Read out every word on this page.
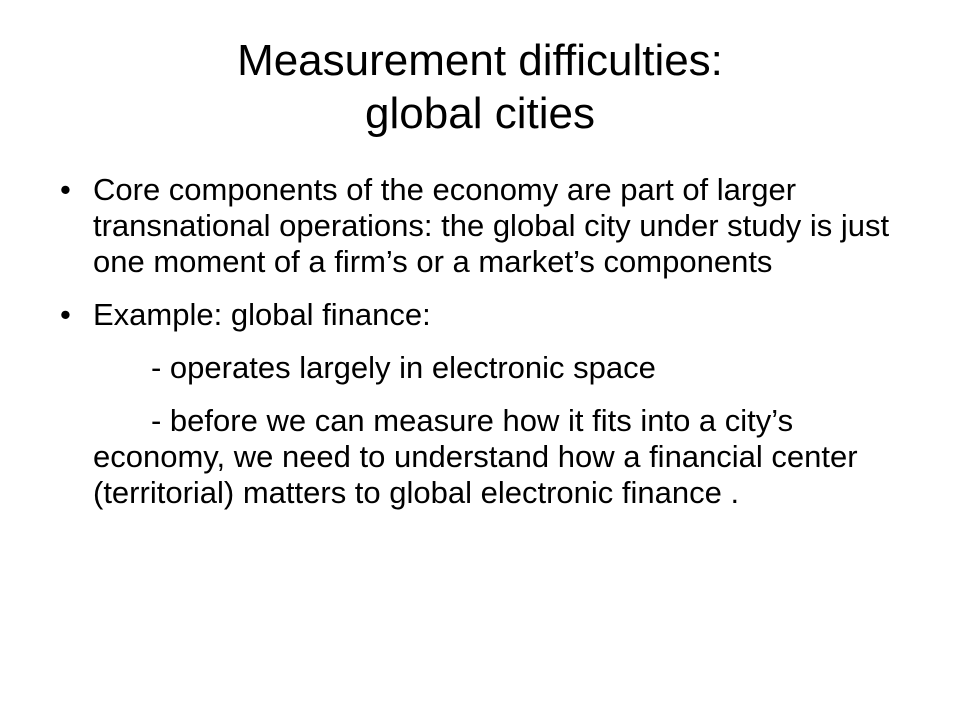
Measurement difficulties:
global cities
• Core components of the economy are part of larger transnational operations: the global city under study is just one moment of a firm’s or a market’s components
• Example: global finance:
- operates largely in electronic space
- before we can measure how it fits into a city’s economy, we need to understand how a financial center (territorial) matters to global electronic finance .
